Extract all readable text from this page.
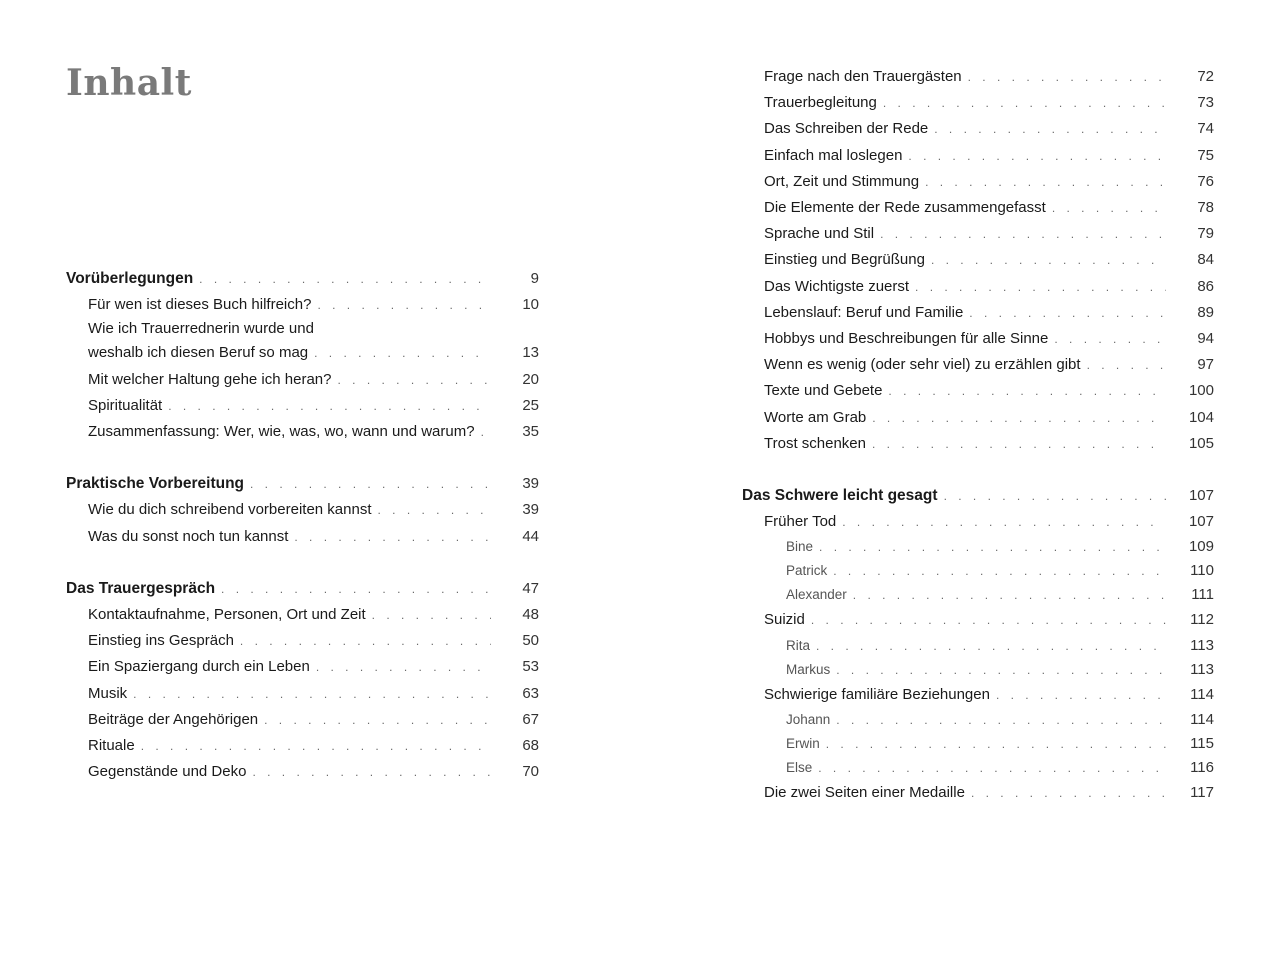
Inhalt
Vorüberlegungen . . .	9
Für wen ist dieses Buch hilfreich? . . .	10
Wie ich Trauerrednerin wurde und
weshalb ich diesen Beruf so mag . . .	13
Mit welcher Haltung gehe ich heran? . . .	20
Spiritualität . . .	25
Zusammenfassung: Wer, wie, was, wo, wann und warum? . . .	35
Praktische Vorbereitung . . .	39
Wie du dich schreibend vorbereiten kannst . . .	39
Was du sonst noch tun kannst . . .	44
Das Trauergespräch . . .	47
Kontaktaufnahme, Personen, Ort und Zeit . . .	48
Einstieg ins Gespräch . . .	50
Ein Spaziergang durch ein Leben . . .	53
Musik . . .	63
Beiträge der Angehörigen . . .	67
Rituale . . .	68
Gegenstände und Deko . . .	70
Frage nach den Trauergästen . . .	72
Trauerbegleitung . . .	73
Das Schreiben der Rede . . .	74
Einfach mal loslegen . . .	75
Ort, Zeit und Stimmung . . .	76
Die Elemente der Rede zusammengefasst . . .	78
Sprache und Stil . . .	79
Einstieg und Begrüßung . . .	84
Das Wichtigste zuerst . . .	86
Lebenslauf: Beruf und Familie . . .	89
Hobbys und Beschreibungen für alle Sinne . . .	94
Wenn es wenig (oder sehr viel) zu erzählen gibt . . .	97
Texte und Gebete . . .	100
Worte am Grab . . .	104
Trost schenken . . .	105
Das Schwere leicht gesagt . . .	107
Früher Tod . . .	107
Bine . . .	109
Patrick . . .	110
Alexander . . .	111
Suizid . . .	112
Rita . . .	113
Markus . . .	113
Schwierige familiäre Beziehungen . . .	114
Johann . . .	114
Erwin . . .	115
Else . . .	116
Die zwei Seiten einer Medaille . . .	117
